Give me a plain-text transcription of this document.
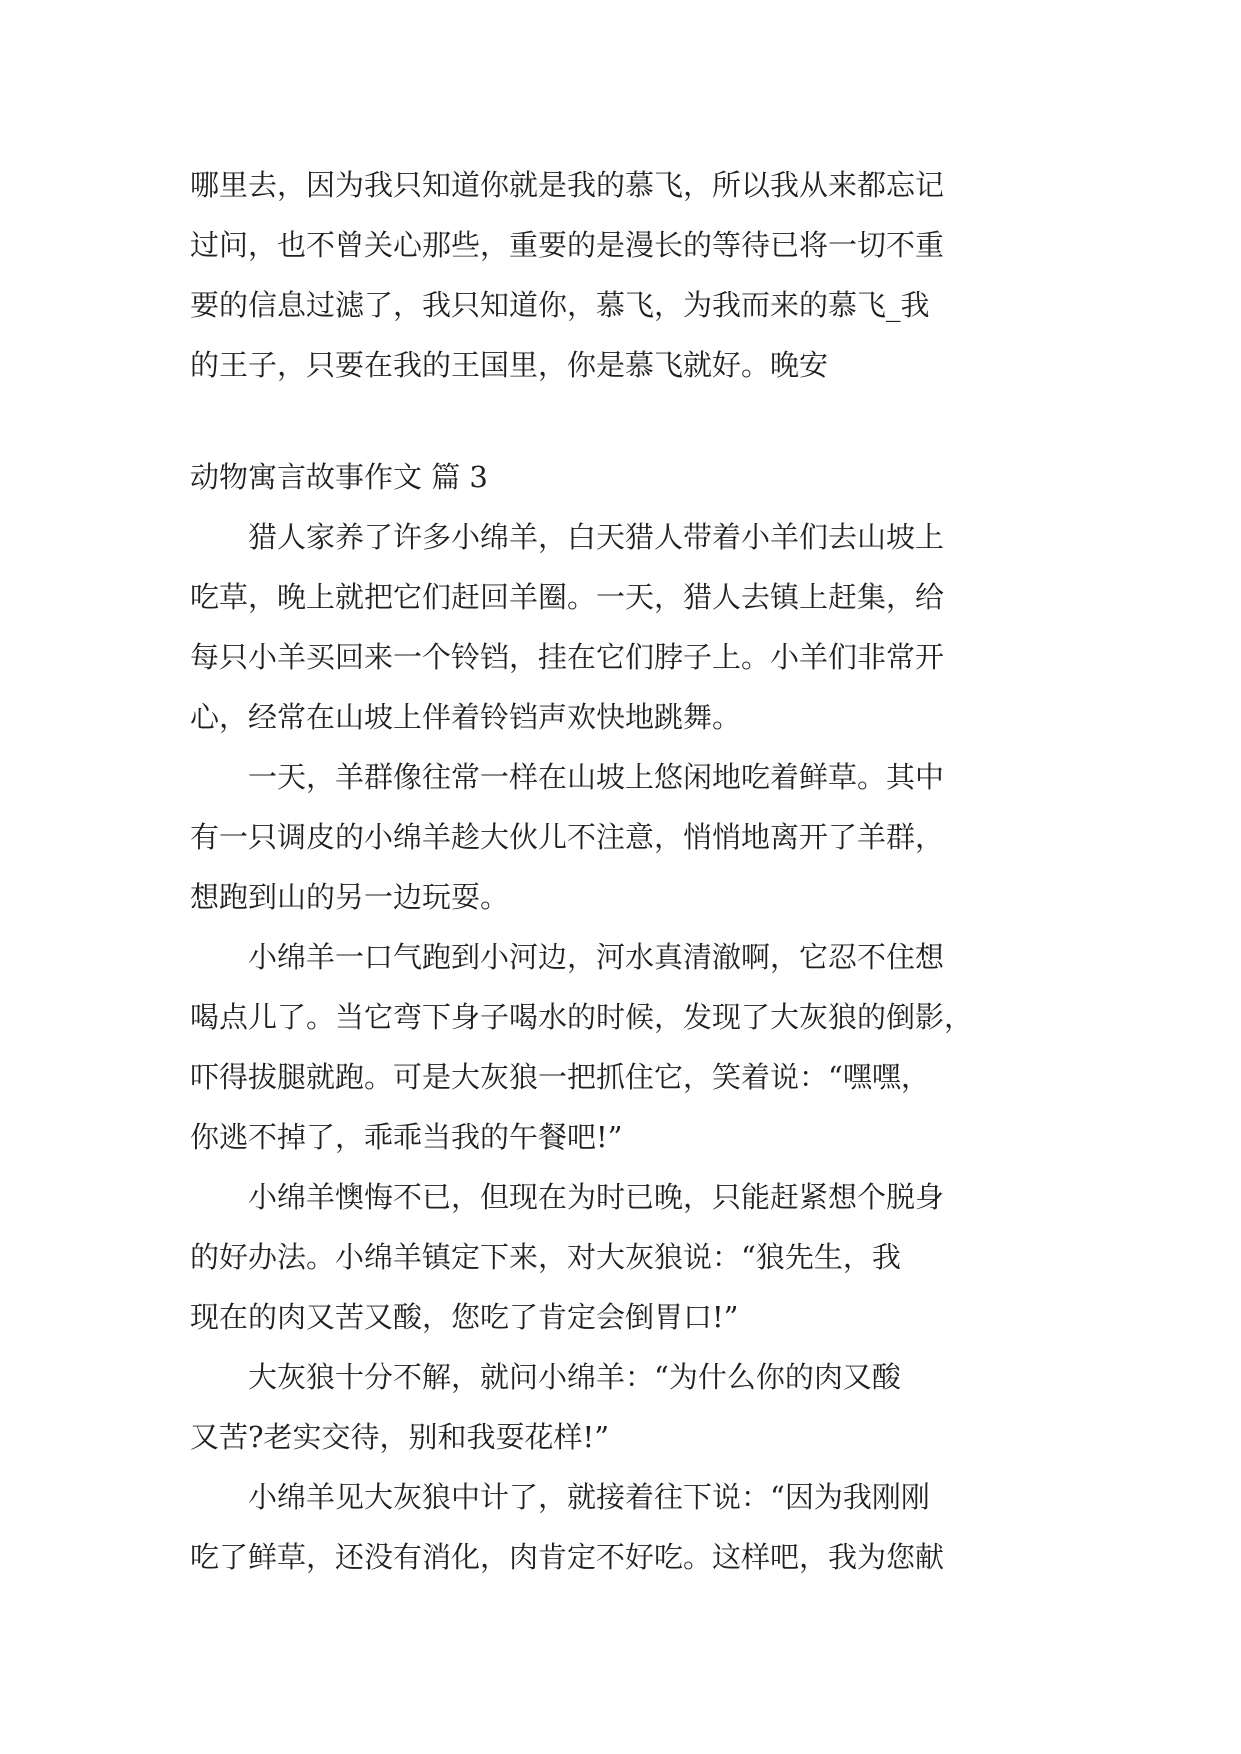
哪里去，因为我只知道你就是我的慕飞，所以我从来都忘记
过问，也不曾关心那些，重要的是漫长的等待已将一切不重
要的信息过滤了，我只知道你，慕飞，为我而来的慕飞_我
的王子，只要在我的王国里，你是慕飞就好。晚安
动物寓言故事作文 篇 3
猎人家养了许多小绵羊，白天猎人带着小羊们去山坡上
吃草，晚上就把它们赶回羊圈。一天，猎人去镇上赶集，给
每只小羊买回来一个铃铛，挂在它们脖子上。小羊们非常开
心，经常在山坡上伴着铃铛声欢快地跳舞。
一天，羊群像往常一样在山坡上悠闲地吃着鲜草。其中
有一只调皮的小绵羊趁大伙儿不注意，悄悄地离开了羊群，
想跑到山的另一边玩耍。
小绵羊一口气跑到小河边，河水真清澈啊，它忍不住想
喝点儿了。当它弯下身子喝水的时候，发现了大灰狼的倒影，
吓得拔腿就跑。可是大灰狼一把抓住它，笑着说：“嘿嘿，
你逃不掉了，乖乖当我的午餐吧!”
小绵羊懊悔不已，但现在为时已晚，只能赶紧想个脱身
的好办法。小绵羊镇定下来，对大灰狼说：“狼先生，我
现在的肉又苦又酸，您吃了肯定会倒胃口!”
大灰狼十分不解，就问小绵羊：“为什么你的肉又酸
又苦?老实交待，别和我耍花样!”
小绵羊见大灰狼中计了，就接着往下说：“因为我刚刚
吃了鲜草，还没有消化，肉肯定不好吃。这样吧，我为您献
